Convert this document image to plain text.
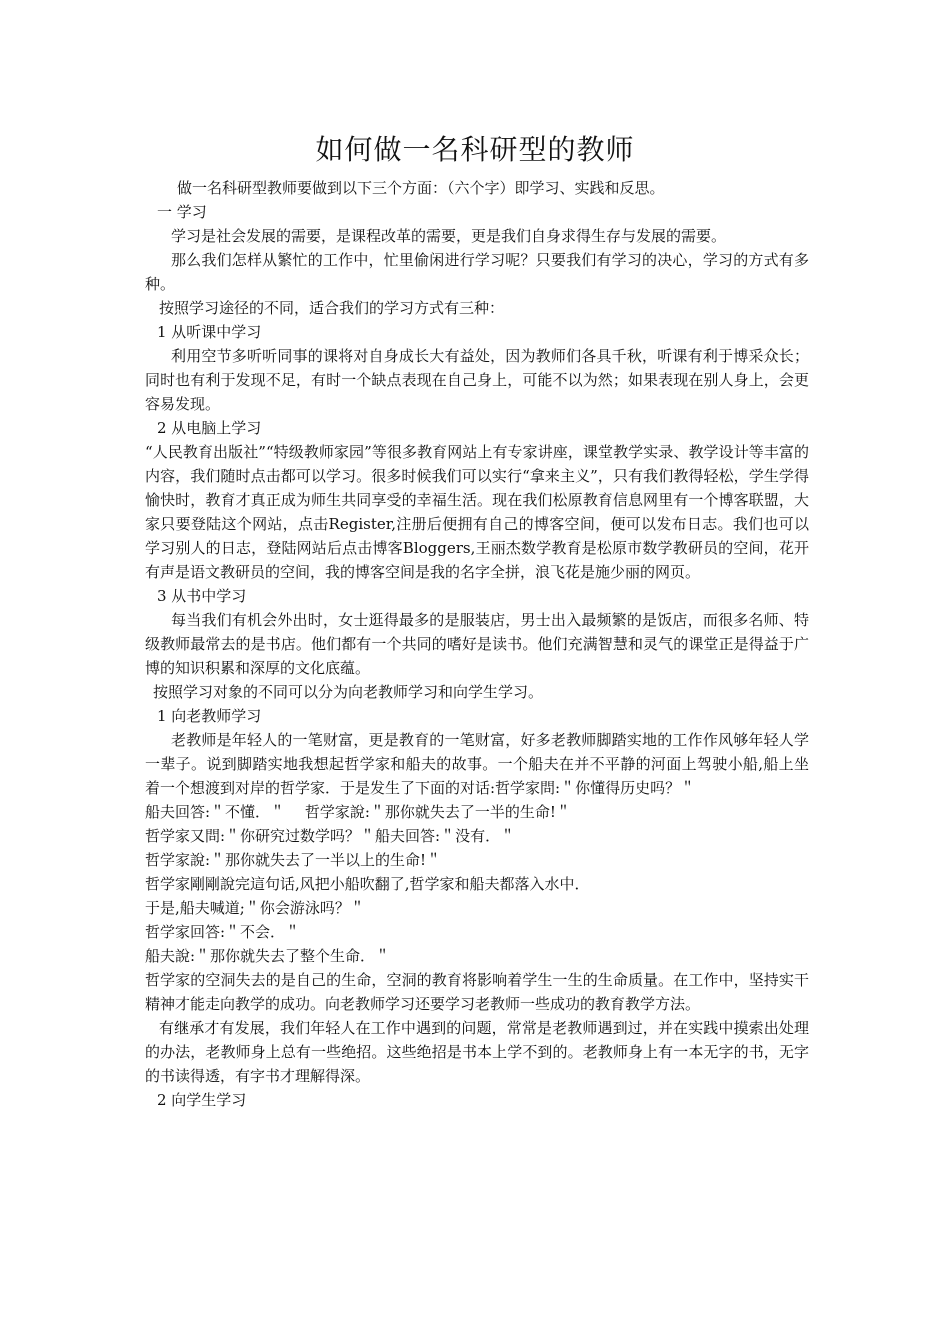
如何做一名科研型的教师

做一名科研型教师要做到以下三个方面：（六个字）即学习、实践和反思。

一 学习

学习是社会发展的需要，是课程改革的需要，更是我们自身求得生存与发展的需要。

那么我们怎样从繁忙的工作中，忙里偷闲进行学习呢？只要我们有学习的决心，学习的方式有多种。

按照学习途径的不同，适合我们的学习方式有三种：

1 从听课中学习

利用空节多听听同事的课将对自身成长大有益处，因为教师们各具千秋，听课有利于博采众长；同时也有利于发现不足，有时一个缺点表现在自己身上，可能不以为然；如果表现在别人身上，会更容易发现。

2 从电脑上学习

“人民教育出版社”“特级教师家园”等很多教育网站上有专家讲座，课堂教学实录、教学设计等丰富的内容，我们随时点击都可以学习。很多时候我们可以实行“拿来主义”，只有我们教得轻松，学生学得愉快时，教育才真正成为师生共同享受的幸福生活。现在我们松原教育信息网里有一个博客联盟，大家只要登陆这个网站，点击Register,注册后便拥有自己的博客空间，便可以发布日志。我们也可以学习别人的日志，登陆网站后点击博客Bloggers,王丽杰数学教育是松原市数学教研员的空间，花开有声是语文教研员的空间，我的博客空间是我的名字全拼，浪飞花是施少丽的网页。

3 从书中学习

每当我们有机会外出时，女士逛得最多的是服装店，男士出入最频繁的是饭店，而很多名师、特级教师最常去的是书店。他们都有一个共同的嗜好是读书。他们充满智慧和灵气的课堂正是得益于广博的知识积累和深厚的文化底蕴。

按照学习对象的不同可以分为向老教师学习和向学生学习。

1 向老教师学习

老教师是年轻人的一笔财富，更是教育的一笔财富，好多老教师脚踏实地的工作作风够年轻人学一辈子。说到脚踏实地我想起哲学家和船夫的故事。一个船夫在并不平静的河面上驾驶小船,船上坐着一个想渡到对岸的哲学家．于是发生了下面的对话:哲学家問:＂你懂得历史吗？＂

船夫回答:＂不懂．＂　 哲学家說:＂那你就失去了一半的生命!＂

哲学家又問:＂你研究过数学吗？＂船夫回答:＂没有．＂

哲学家說:＂那你就失去了一半以上的生命!＂

哲学家剛剛說完這句话,风把小船吹翻了,哲学家和船夫都落入水中．

于是,船夫喊道;＂你会游泳吗？＂

哲学家回答:＂不会．＂

船夫說:＂那你就失去了整个生命．＂

哲学家的空洞失去的是自己的生命，空洞的教育将影响着学生一生的生命质量。在工作中，坚持实干精神才能走向教学的成功。向老教师学习还要学习老教师一些成功的教育教学方法。

有继承才有发展，我们年轻人在工作中遇到的问题，常常是老教师遇到过，并在实践中摸索出处理的办法，老教师身上总有一些绝招。这些绝招是书本上学不到的。老教师身上有一本无字的书，无字的书读得透，有字书才理解得深。

2 向学生学习
